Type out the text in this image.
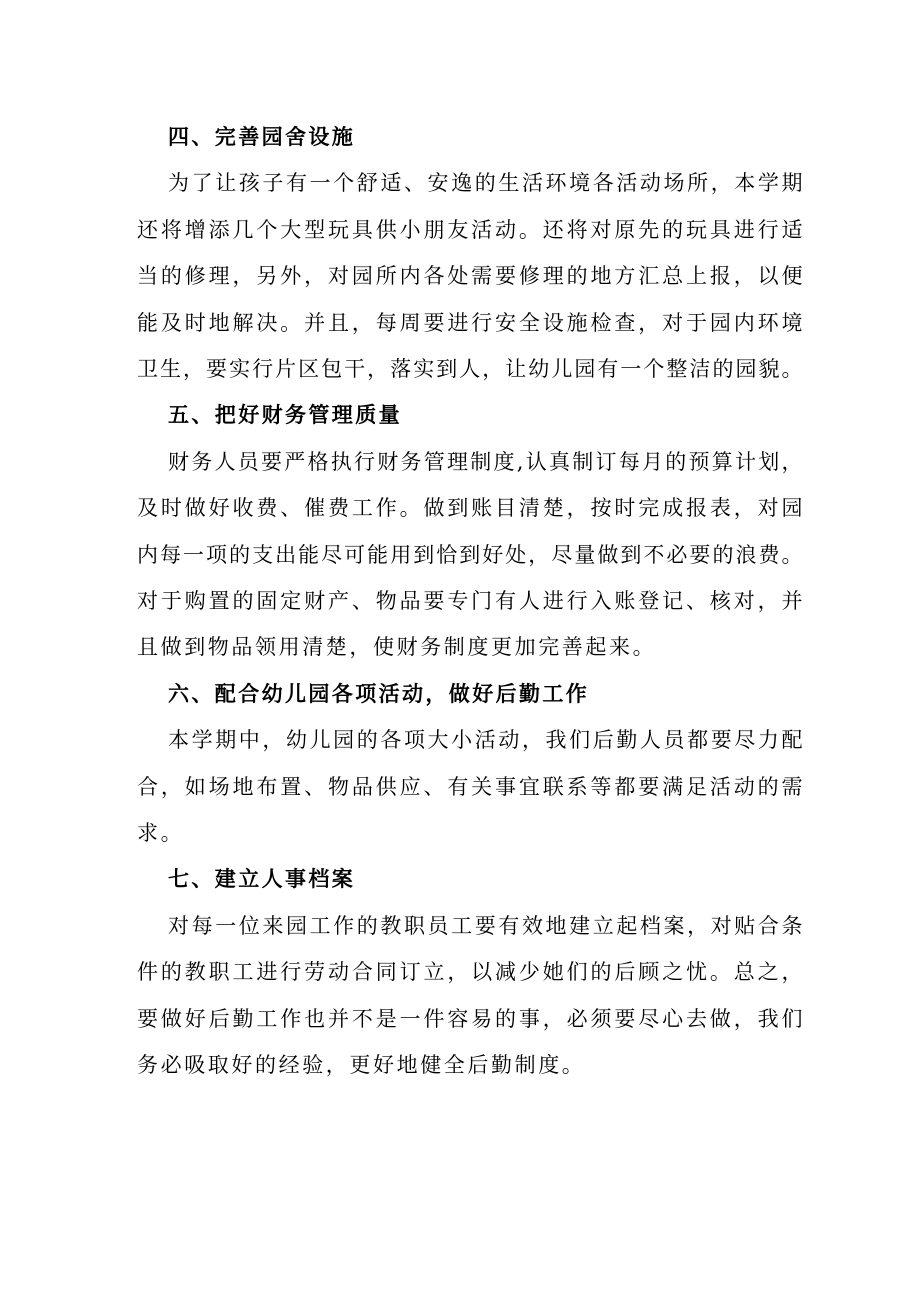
四、完善园舍设施
为了让孩子有一个舒适、安逸的生活环境各活动场所，本学期
还将增添几个大型玩具供小朋友活动。还将对原先的玩具进行适
当的修理，另外，对园所内各处需要修理的地方汇总上报，以便
能及时地解决。并且，每周要进行安全设施检查，对于园内环境
卫生，要实行片区包干，落实到人，让幼儿园有一个整洁的园貌。
五、把好财务管理质量
财务人员要严格执行财务管理制度,认真制订每月的预算计划，
及时做好收费、催费工作。做到账目清楚，按时完成报表，对园
内每一项的支出能尽可能用到恰到好处，尽量做到不必要的浪费。
对于购置的固定财产、物品要专门有人进行入账登记、核对，并
且做到物品领用清楚，使财务制度更加完善起来。
六、配合幼儿园各项活动，做好后勤工作
本学期中，幼儿园的各项大小活动，我们后勤人员都要尽力配
合，如场地布置、物品供应、有关事宜联系等都要满足活动的需
求。
七、建立人事档案
对每一位来园工作的教职员工要有效地建立起档案，对贴合条
件的教职工进行劳动合同订立，以减少她们的后顾之忧。总之，
要做好后勤工作也并不是一件容易的事，必须要尽心去做，我们
务必吸取好的经验，更好地健全后勤制度。
